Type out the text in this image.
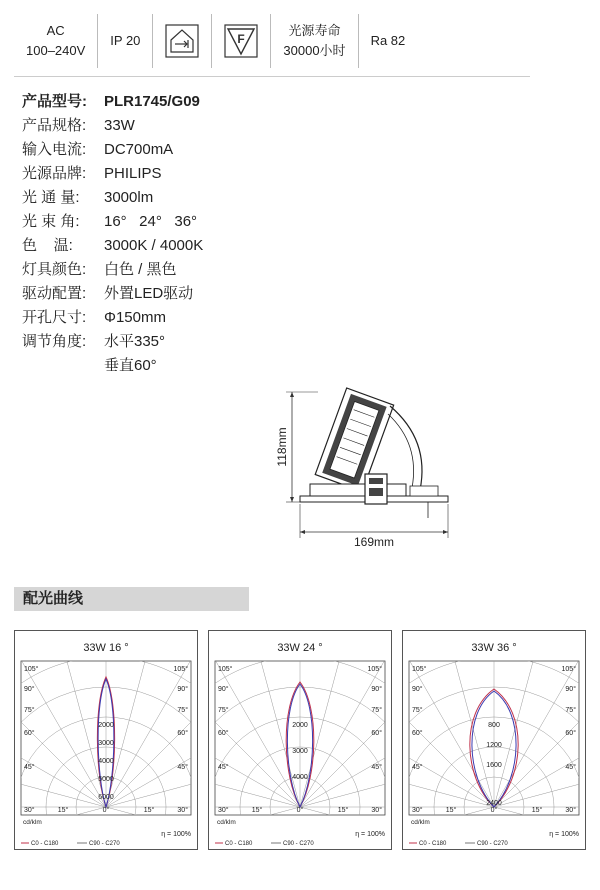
AC
100–240V
IP 20	F
光源寿命
30000小时
Ra 82
产品型号:	PLR1745/G09
产品规格:	33W
输入电流:	DC700mA
光源品牌:	PHILIPS
光 通 量:	3000lm
光 束 角:	16°   24°   36°
色    温:	3000K / 4000K
灯具颜色:	白色 / 黑色
驱动配置:	外置LED驱动
开孔尺寸:	Φ150mm
调节角度:	水平335°
垂直60°
118mm
169mm
配光曲线
33W 16 °
105°	105°
90°	90°
75°	75°
60°	60°
45°	45°
30°	15°	0°	15°	30°
2000
3000
4000
5000
6000
cd/klm
η = 100%
C0 - C180	C90 - C270
33W 24 °
105°	105°
90°	90°
75°	75°
60°	60°
45°	45°
30°	15°	0°	15°	30°
2000
3000
4000
cd/klm
η = 100%
C0 - C180	C90 - C270
33W 36 °
105°	105°
90°	90°
75°	75°
60°	60°
45°	45°
30°	15°	0°	15°	30°
800
1200
1600
2400
cd/klm
η = 100%
C0 - C180	C90 - C270
